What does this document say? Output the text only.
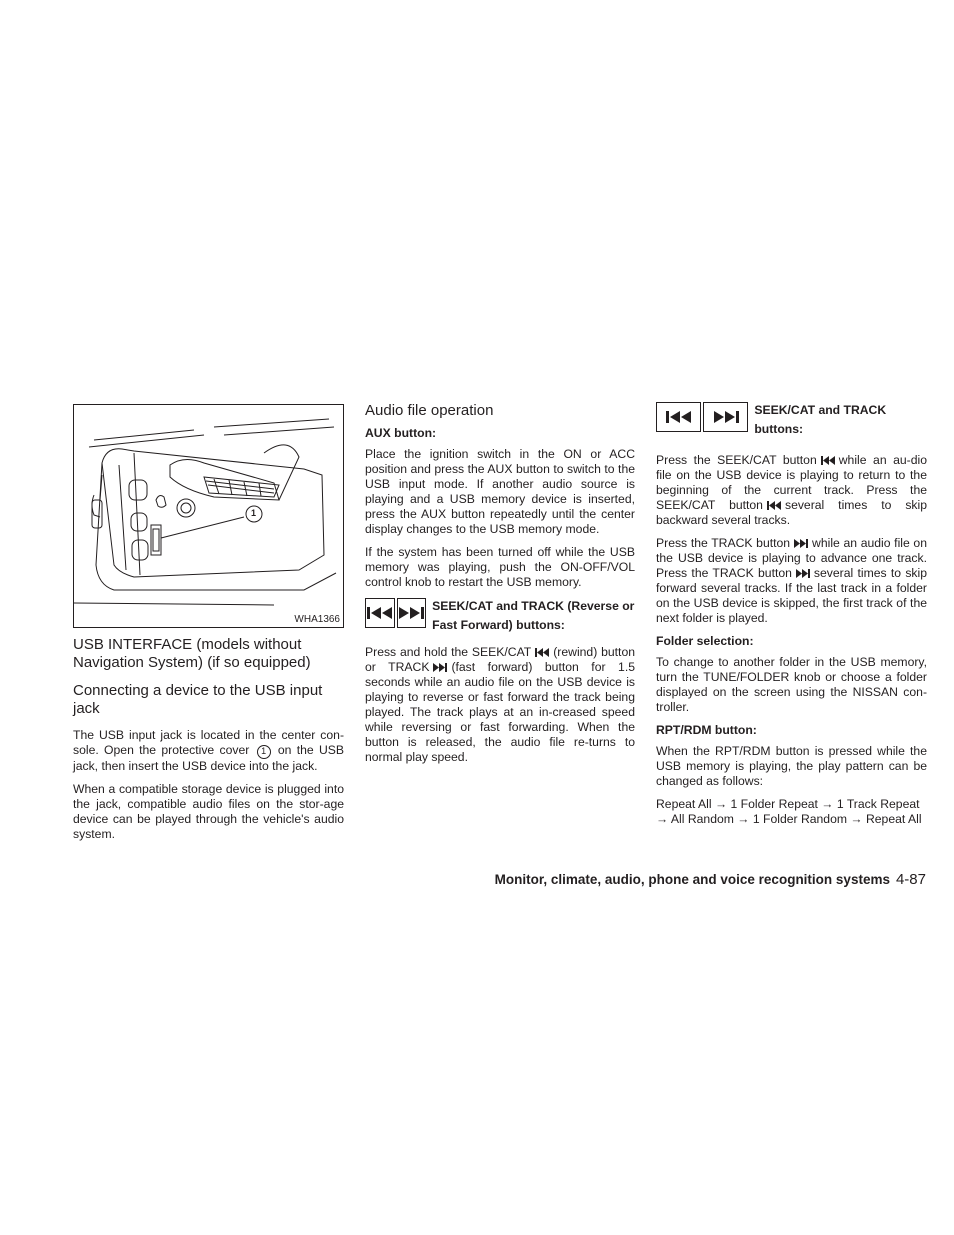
1
WHA1366
USB INTERFACE (models without Navigation System) (if so equipped)
Connecting a device to the USB input jack

The USB input jack is located in the center con-sole. Open the protective cover 1 on the USB jack, then insert the USB device into the jack.

When a compatible storage device is plugged into the jack, compatible audio files on the stor-age device can be played through the vehicle's audio system.

Audio file operation
AUX button:

Place the ignition switch in the ON or ACC position and press the AUX button to switch to the USB input mode. If another audio source is playing and a USB memory device is inserted, press the AUX button repeatedly until the center display changes to the USB memory mode.

If the system has been turned off while the USB memory was playing, push the ON-OFF/VOL control knob to restart the USB memory.

SEEK/CAT and TRACK (Reverse or Fast Forward) buttons:

Press and hold the SEEK/CAT (rewind) button or TRACK (fast forward) button for 1.5 seconds while an audio file on the USB device is playing to reverse or fast forward the track being played. The track plays at an in-creased speed while reversing or fast forwarding. When the button is released, the audio file re-turns to normal play speed.

SEEK/CAT and TRACK buttons:

Press the SEEK/CAT button while an au-dio file on the USB device is playing to return to the beginning of the current track. Press the SEEK/CAT button several times to skip backward several tracks.

Press the TRACK button while an audio file on the USB device is playing to advance one track. Press the TRACK button several times to skip forward several tracks. If the last track in a folder on the USB device is skipped, the first track of the next folder is played.

Folder selection:

To change to another folder in the USB memory, turn the TUNE/FOLDER knob or choose a folder displayed on the screen using the NISSAN con-troller.

RPT/RDM button:

When the RPT/RDM button is pressed while the USB memory is playing, the play pattern can be changed as follows:

Repeat All → 1 Folder Repeat → 1 Track Repeat → All Random → 1 Folder Random → Repeat All

Monitor, climate, audio, phone and voice recognition systems 4-87
